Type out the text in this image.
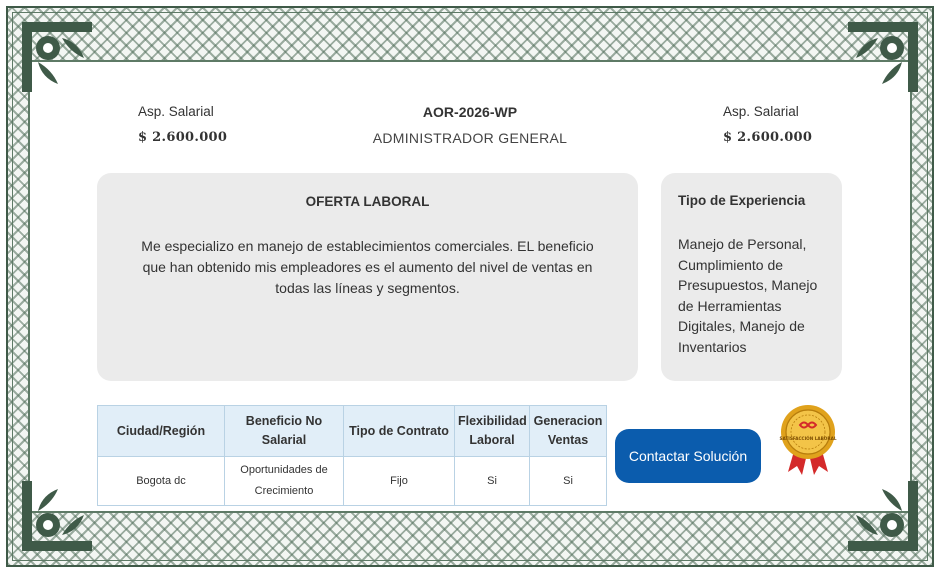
Asp. Salarial
$ 2.600.000
AOR-2026-WP
ADMINISTRADOR GENERAL
Asp. Salarial
$ 2.600.000
OFERTA LABORAL

Me especializo en manejo de establecimientos comerciales. EL beneficio que han obtenido mis empleadores es el aumento del nivel de ventas en todas las líneas y segmentos.

Tipo de Experiencia

Manejo de Personal, Cumplimiento de Presupuestos, Manejo de Herramientas Digitales, Manejo de Inventarios

Ciudad/Región	Beneficio No Salarial	Tipo de Contrato	Flexibilidad Laboral	Generacion Ventas
Bogota dc	Oportunidades de Crecimiento	Fijo	Si	Si
Contactar Solución
SATISFACCIÓN LABORAL
